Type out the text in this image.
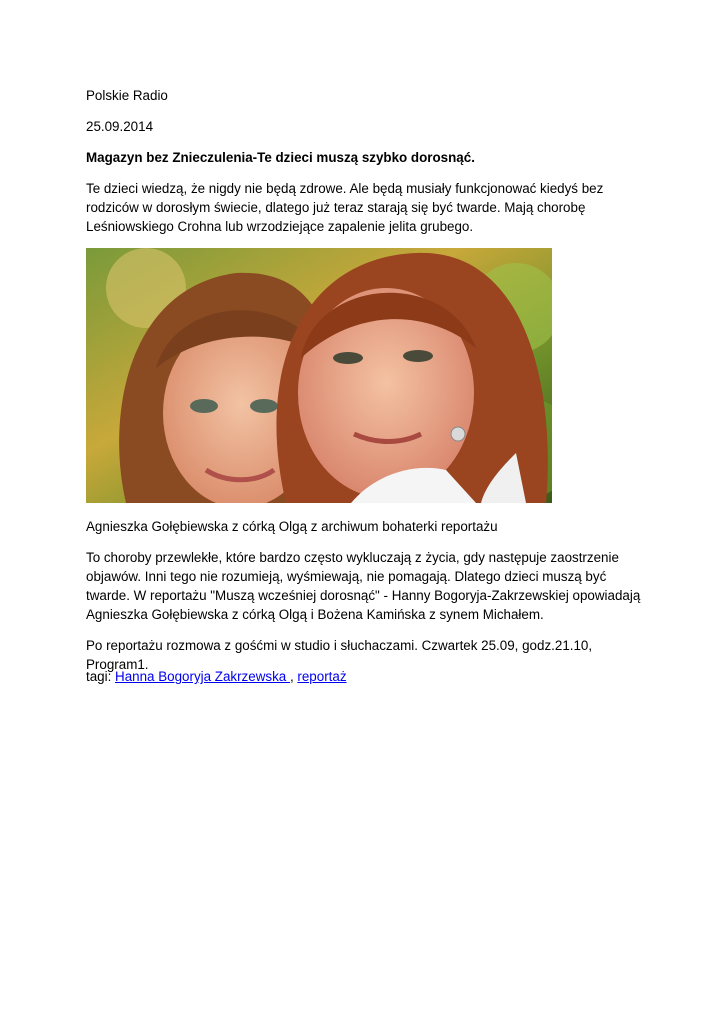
Polskie Radio

25.09.2014

Magazyn bez Znieczulenia-Te dzieci muszą szybko dorosnąć.

Te dzieci wiedzą, że nigdy nie będą zdrowe. Ale będą musiały funkcjonować kiedyś bez rodziców w dorosłym świecie, dlatego już teraz starają się być twarde. Mają chorobę Leśniowskiego Crohna lub wrzodziejące zapalenie jelita grubego.

Agnieszka Gołębiewska z córką Olgą z archiwum bohaterki reportażu

To choroby przewlekłe, które bardzo często wykluczają z życia, gdy następuje zaostrzenie objawów. Inni tego nie rozumieją, wyśmiewają, nie pomagają. Dlatego dzieci muszą być twarde. W reportażu "Muszą wcześniej dorosnąć" - Hanny Bogoryja-Zakrzewskiej opowiadają Agnieszka Gołębiewska z córką Olgą i Bożena Kamińska z synem Michałem.

Po reportażu rozmowa z gośćmi w studio i słuchaczami. Czwartek 25.09, godz.21.10, Program1.

tagi: Hanna Bogoryja Zakrzewska , reportaż
